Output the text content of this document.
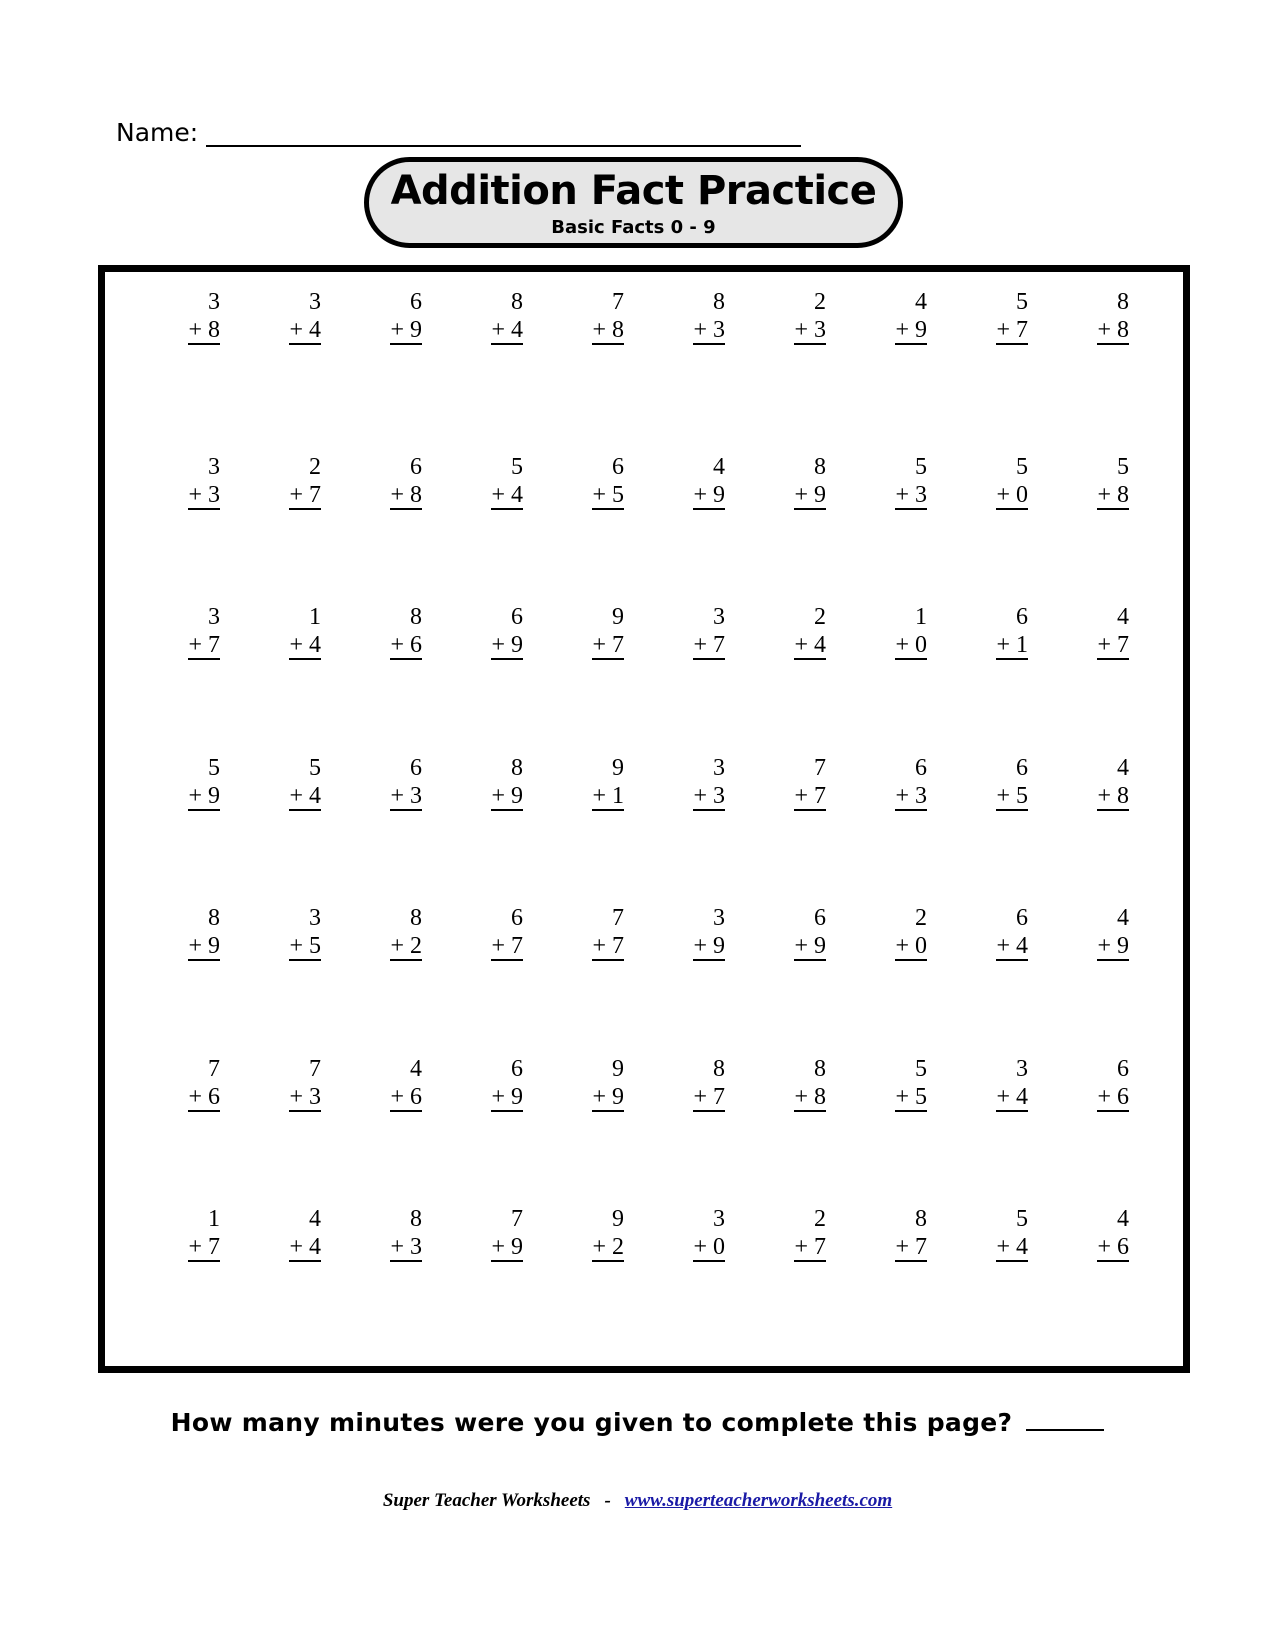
Name:
Addition Fact Practice
Basic Facts 0 - 9
3
+ 8
3
+ 4
6
+ 9
8
+ 4
7
+ 8
8
+ 3
2
+ 3
4
+ 9
5
+ 7
8
+ 8
3
+ 3
2
+ 7
6
+ 8
5
+ 4
6
+ 5
4
+ 9
8
+ 9
5
+ 3
5
+ 0
5
+ 8
3
+ 7
1
+ 4
8
+ 6
6
+ 9
9
+ 7
3
+ 7
2
+ 4
1
+ 0
6
+ 1
4
+ 7
5
+ 9
5
+ 4
6
+ 3
8
+ 9
9
+ 1
3
+ 3
7
+ 7
6
+ 3
6
+ 5
4
+ 8
8
+ 9
3
+ 5
8
+ 2
6
+ 7
7
+ 7
3
+ 9
6
+ 9
2
+ 0
6
+ 4
4
+ 9
7
+ 6
7
+ 3
4
+ 6
6
+ 9
9
+ 9
8
+ 7
8
+ 8
5
+ 5
3
+ 4
6
+ 6
1
+ 7
4
+ 4
8
+ 3
7
+ 9
9
+ 2
3
+ 0
2
+ 7
8
+ 7
5
+ 4
4
+ 6
How many minutes were you given to complete this page?
Super Teacher Worksheets - www.superteacherworksheets.com
